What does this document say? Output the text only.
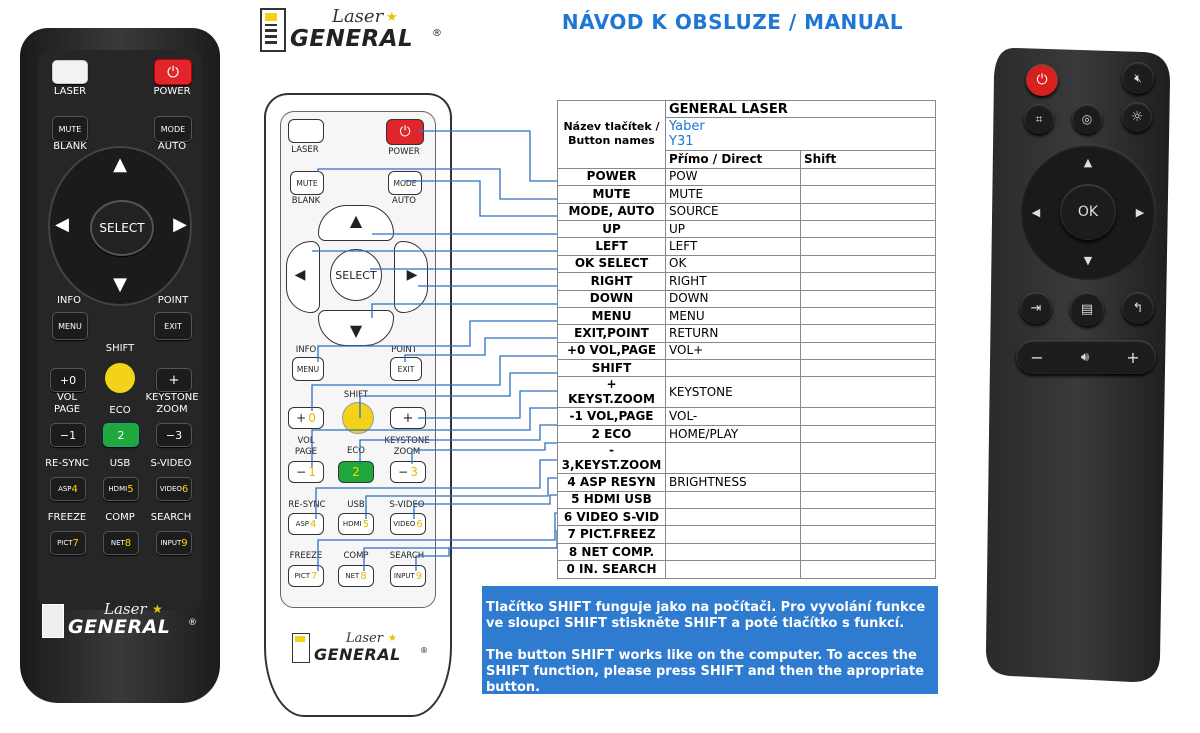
NÁVOD K OBSLUZE / MANUAL
⏻
LASER	POWER
MUTE	MODE
BLANK	AUTO
▲
▼
◀	▶
SELECT
INFO	POINT
MENU	EXIT
SHIFT
+0	+
VOL
PAGE	ECO
KEYSTONE
ZOOM
−1	2	−3
RE-SYNC	USB	S-VIDEO
ASP 4	HDMI 5	VIDEO 6
FREEZE	COMP	SEARCH
PICT 7	NET 8	INPUT 9
Laser ★
GENERAL ®
Laser ★
GENERAL ®
⏻
LASER	POWER
MUTE	MODE
BLANK	AUTO
▲
▼
◀	▶
SELECT
INFO	POINT
MENU	EXIT
SHIFT
+ 0	+
VOL
PAGE	ECO
KEYSTONE
ZOOM
− 1	2	− 3
RE-SYNC	USB	S-VIDEO
ASP 4	HDMI 5	VIDEO 6
FREEZE	COMP	SEARCH
PICT 7	NET 8	INPUT 9
Laser ★
GENERAL ®
Název tlačítek / Button names	GENERAL LASER	
	Yaber
Y31	
	Přímo / Direct	Shift
POWER	POW	
MUTE	MUTE	
MODE, AUTO	SOURCE	
UP	UP	
LEFT	LEFT	
OK SELECT	OK	
RIGHT	RIGHT	
DOWN	DOWN	
MENU	MENU	
EXIT,POINT	RETURN	
+0 VOL,PAGE	VOL+	
SHIFT		
+ KEYST.ZOOM	KEYSTONE	
-1 VOL,PAGE	VOL-	
2 ECO	HOME/PLAY	
- 3,KEYST.ZOOM		
4 ASP RESYN	BRIGHTNESS	
5 HDMI USB		
6 VIDEO S-VID		
7 PICT.FREEZ		
8 NET COMP.		
0 IN. SEARCH		
Tlačítko SHIFT funguje jako na počítači. Pro vyvolání funkce ve sloupci SHIFT stiskněte SHIFT a poté tlačítko s funkcí.
The button SHIFT works like on the computer. To acces the SHIFT function, please press SHIFT and then the apropriate button.
⏻	🔇︎
⌗	◎	☼
▲
▼
◀	▶
OK
⇥	▤	↰
−	🔊︎	+
